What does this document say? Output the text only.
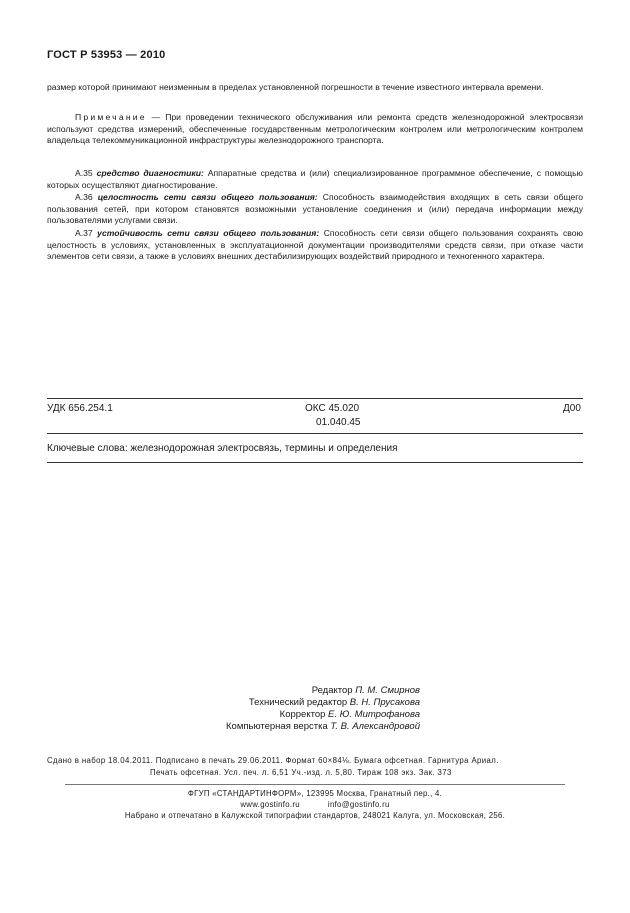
ГОСТ Р 53953 — 2010
размер которой принимают неизменным в пределах установленной погрешности в течение известного интервала времени.
Примечание — При проведении технического обслуживания или ремонта средств железнодорожной электросвязи используют средства измерений, обеспеченные государственным метрологическим контролем или метрологическим контролем владельца телекоммуникационной инфраструктуры железнодорожного транспорта.
А.35 средство диагностики: Аппаратные средства и (или) специализированное программное обеспечение, с помощью которых осуществляют диагностирование.
А.36 целостность сети связи общего пользования: Способность взаимодействия входящих в сеть связи общего пользования сетей, при котором становятся возможными установление соединения и (или) передача информации между пользователями услугами связи.
А.37 устойчивость сети связи общего пользования: Способность сети связи общего пользования сохранять свою целостность в условиях, установленных в эксплуатационной документации производителями средств связи, при отказе части элементов сети связи, а также в условиях внешних дестабилизирующих воздействий природного и техногенного характера.
УДК 656.254.1	ОКС 45.020
01.040.45
Д00
Ключевые слова: железнодорожная электросвязь, термины и определения
Редактор П. М. Смирнов
Технический редактор В. Н. Прусакова
Корректор Е. Ю. Митрофанова
Компьютерная верстка Т. В. Александровой
Сдано в набор 18.04.2011. Подписано в печать 29.06.2011. Формат 60×84⅛. Бумага офсетная. Гарнитура Ариал.
Печать офсетная. Усл. печ. л. 6,51 Уч.-изд. л. 5,80. Тираж 108 экз. Зак. 373
ФГУП «СТАНДАРТИНФОРМ», 123995 Москва, Гранатный пер., 4.
www.gostinfo.ru	info@gostinfo.ru
Набрано и отпечатано в Калужской типографии стандартов, 248021 Калуга, ул. Московская, 256.
